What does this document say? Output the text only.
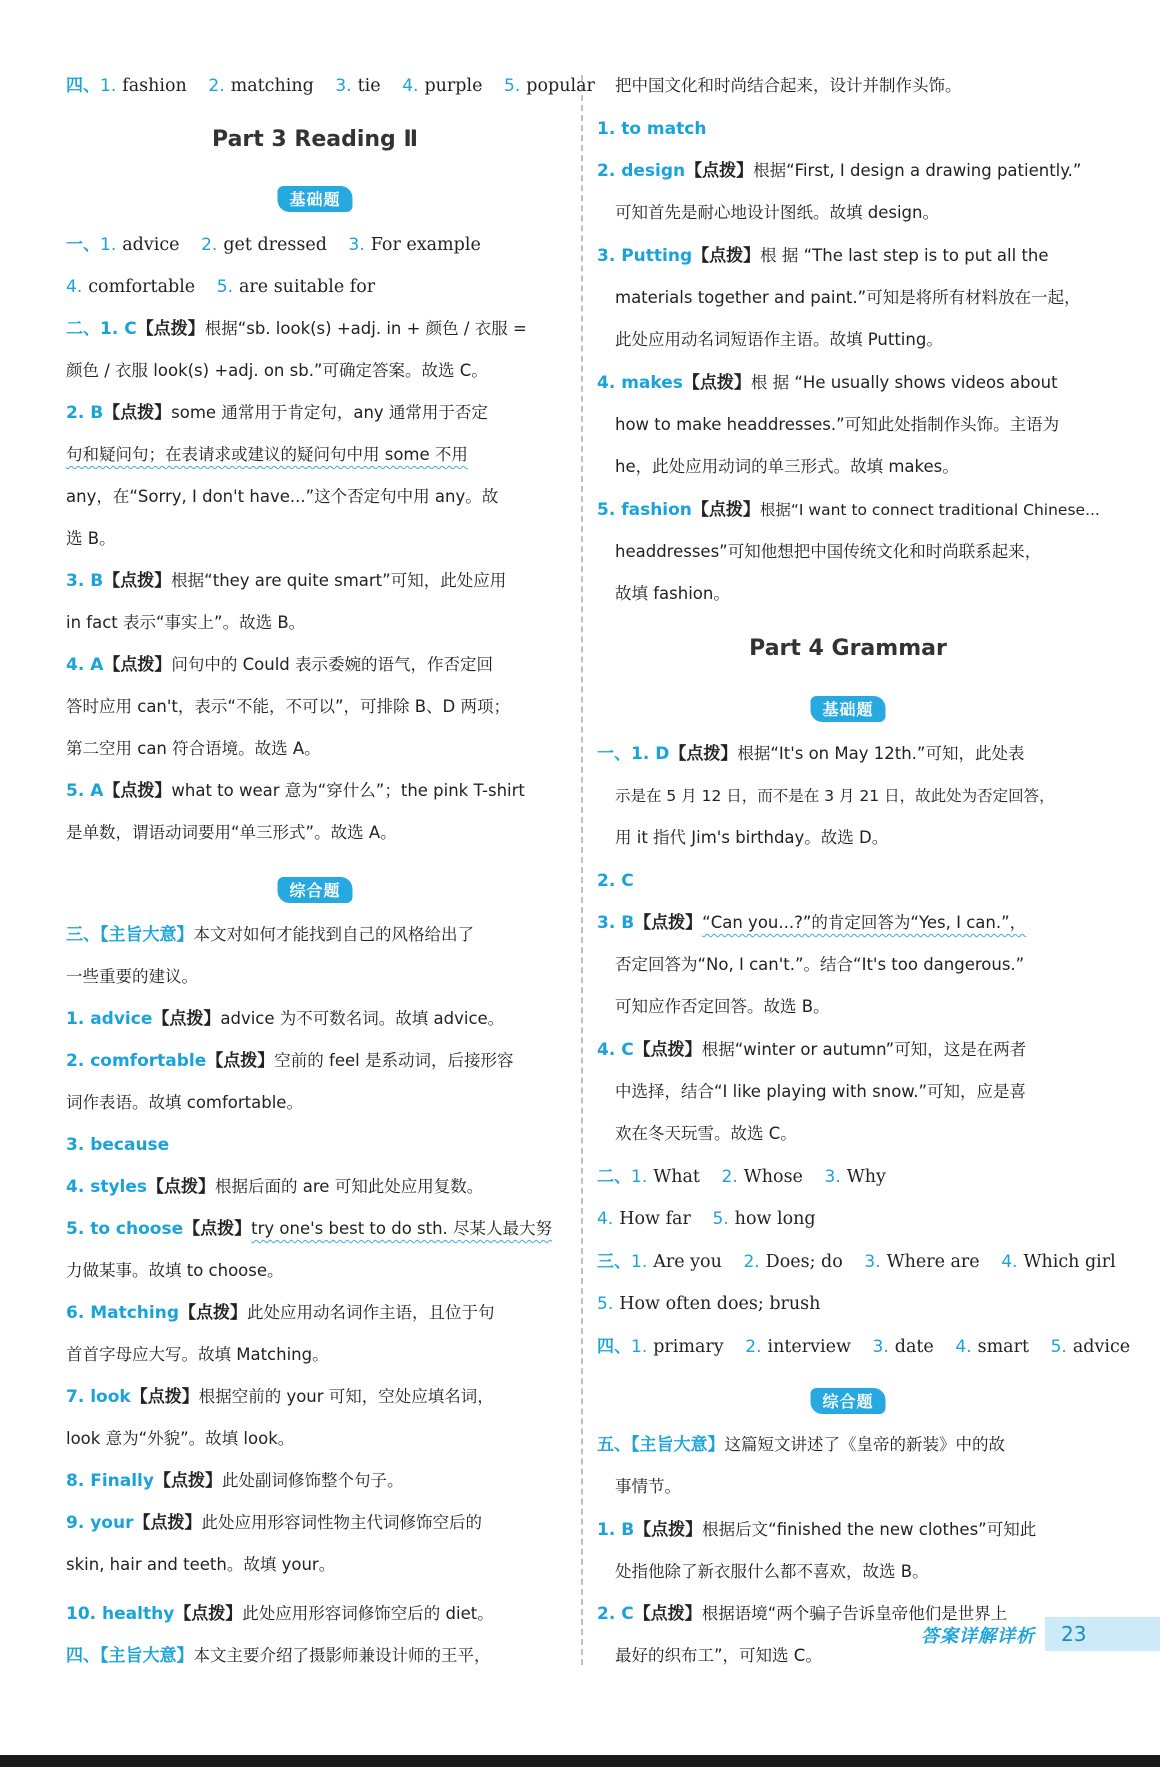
四、1. fashion 2. matching 3. tie 4. purple 5. popular
Part 3 Reading Ⅱ
基础题
一、1. advice 2. get dressed 3. For example
4. comfortable 5. are suitable for
二、1. C【点拨】根据“sb. look(s) +adj. in + 颜色 / 衣服 =
颜色 / 衣服 look(s) +adj. on sb.”可确定答案。故选 C。
2. B【点拨】some 通常用于肯定句，any 通常用于否定
句和疑问句；在表请求或建议的疑问句中用 some 不用
any，在“Sorry, I don't have...”这个否定句中用 any。故
选 B。
3. B【点拨】根据“they are quite smart”可知，此处应用
in fact 表示“事实上”。故选 B。
4. A【点拨】问句中的 Could 表示委婉的语气，作否定回
答时应用 can't，表示“不能，不可以”，可排除 B、D 两项；
第二空用 can 符合语境。故选 A。
5. A【点拨】what to wear 意为“穿什么”；the pink T-shirt
是单数，谓语动词要用“单三形式”。故选 A。
综合题
三、【主旨大意】本文对如何才能找到自己的风格给出了
一些重要的建议。
1. advice【点拨】advice 为不可数名词。故填 advice。
2. comfortable【点拨】空前的 feel 是系动词，后接形容
词作表语。故填 comfortable。
3. because
4. styles【点拨】根据后面的 are 可知此处应用复数。
5. to choose【点拨】try one's best to do sth. 尽某人最大努
力做某事。故填 to choose。
6. Matching【点拨】此处应用动名词作主语，且位于句
首首字母应大写。故填 Matching。
7. look【点拨】根据空前的 your 可知，空处应填名词，
look 意为“外貌”。故填 look。
8. Finally【点拨】此处副词修饰整个句子。
9. your【点拨】此处应用形容词性物主代词修饰空后的
skin, hair and teeth。故填 your。
10. healthy【点拨】此处应用形容词修饰空后的 diet。
四、【主旨大意】本文主要介绍了摄影师兼设计师的王平，
把中国文化和时尚结合起来，设计并制作头饰。
1. to match
2. design【点拨】根据“First, I design a drawing patiently.”
可知首先是耐心地设计图纸。故填 design。
3. Putting【点拨】根 据 “The last step is to put all the
materials together and paint.”可知是将所有材料放在一起，
此处应用动名词短语作主语。故填 Putting。
4. makes【点拨】根 据 “He usually shows videos about
how to make headdresses.”可知此处指制作头饰。主语为
he，此处应用动词的单三形式。故填 makes。
5. fashion【点拨】根据“I want to connect traditional Chinese...
headdresses”可知他想把中国传统文化和时尚联系起来，
故填 fashion。
Part 4 Grammar
基础题
一、1. D【点拨】根据“It's on May 12th.”可知，此处表
示是在 5 月 12 日，而不是在 3 月 21 日，故此处为否定回答，
用 it 指代 Jim's birthday。故选 D。
2. C
3. B【点拨】“Can you...?”的肯定回答为“Yes, I can.”，
否定回答为“No, I can't.”。结合“It's too dangerous.”
可知应作否定回答。故选 B。
4. C【点拨】根据“winter or autumn”可知，这是在两者
中选择，结合“I like playing with snow.”可知，应是喜
欢在冬天玩雪。故选 C。
二、1. What 2. Whose 3. Why
4. How far 5. how long
三、1. Are you 2. Does; do 3. Where are 4. Which girl
5. How often does; brush
四、1. primary 2. interview 3. date 4. smart 5. advice
综合题
五、【主旨大意】这篇短文讲述了《皇帝的新装》中的故
事情节。
1. B【点拨】根据后文“finished the new clothes”可知此
处指他除了新衣服什么都不喜欢，故选 B。
2. C【点拨】根据语境“两个骗子告诉皇帝他们是世界上
最好的织布工”，可知选 C。
答案详解详析	23
